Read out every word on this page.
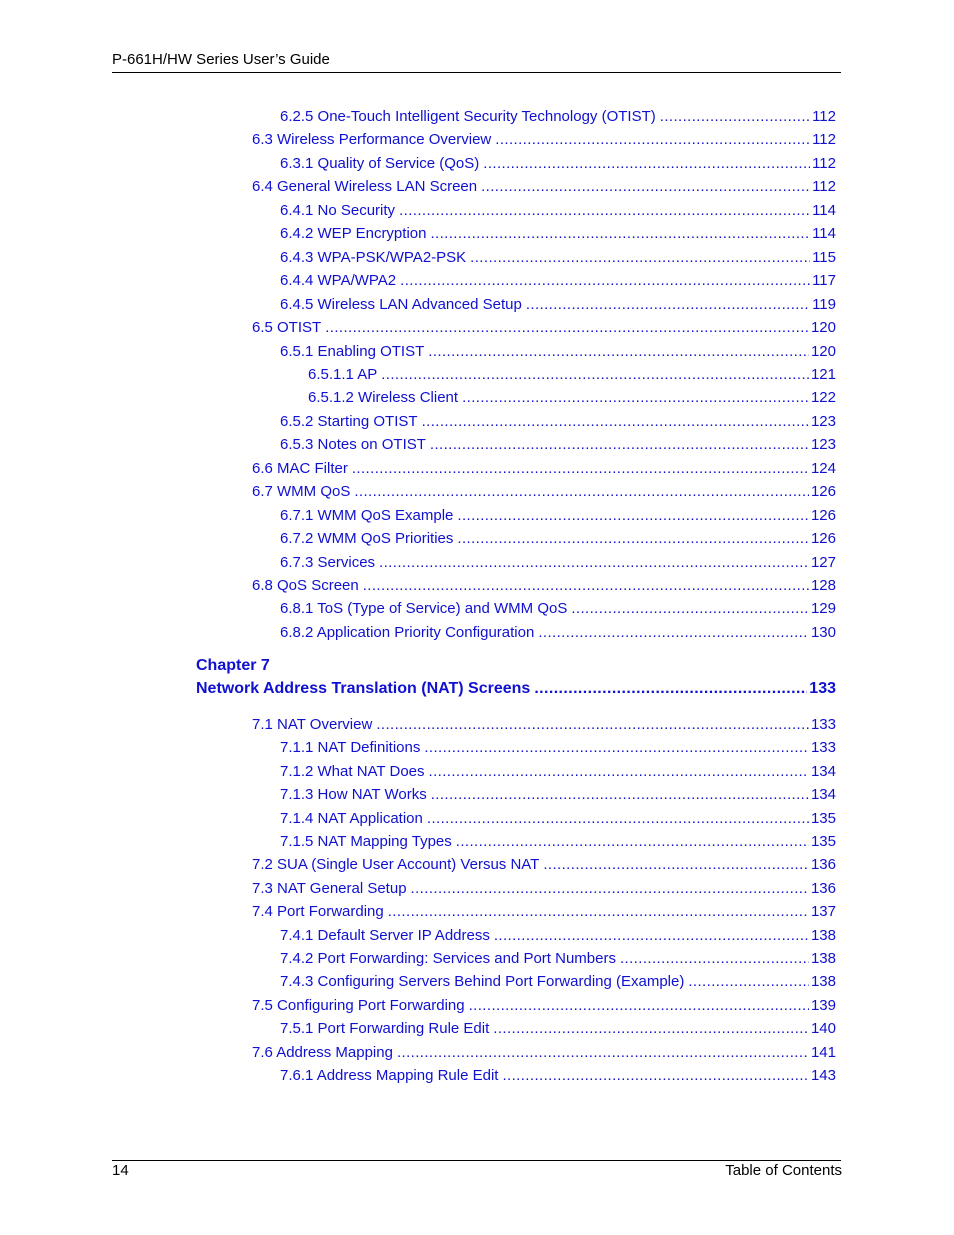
P-661H/HW Series User’s Guide
6.2.5 One-Touch Intelligent Security Technology (OTIST) .....	112
6.3 Wireless Performance Overview .....	112
6.3.1 Quality of Service (QoS) .....	112
6.4 General Wireless LAN Screen .....	112
6.4.1 No Security .....	114
6.4.2 WEP Encryption .....	114
6.4.3 WPA-PSK/WPA2-PSK .....	115
6.4.4 WPA/WPA2 .....	117
6.4.5 Wireless LAN Advanced Setup .....	119
6.5 OTIST .....	120
6.5.1 Enabling OTIST .....	120
6.5.1.1 AP .....	121
6.5.1.2 Wireless Client .....	122
6.5.2 Starting OTIST .....	123
6.5.3 Notes on OTIST .....	123
6.6 MAC Filter .....	124
6.7 WMM QoS .....	126
6.7.1 WMM QoS Example .....	126
6.7.2 WMM QoS Priorities .....	126
6.7.3 Services .....	127
6.8 QoS Screen .....	128
6.8.1 ToS (Type of Service) and WMM QoS .....	129
6.8.2 Application Priority Configuration .....	130
Chapter 7
Network Address Translation (NAT) Screens .....	133
7.1 NAT Overview .....	133
7.1.1 NAT Definitions .....	133
7.1.2 What NAT Does .....	134
7.1.3 How NAT Works .....	134
7.1.4 NAT Application .....	135
7.1.5 NAT Mapping Types .....	135
7.2 SUA (Single User Account) Versus NAT .....	136
7.3 NAT General Setup .....	136
7.4 Port Forwarding .....	137
7.4.1 Default Server IP Address .....	138
7.4.2 Port Forwarding: Services and Port Numbers .....	138
7.4.3 Configuring Servers Behind Port Forwarding (Example) .....	138
7.5 Configuring Port Forwarding .....	139
7.5.1 Port Forwarding Rule Edit .....	140
7.6 Address Mapping .....	141
7.6.1 Address Mapping Rule Edit .....	143
14	Table of Contents
